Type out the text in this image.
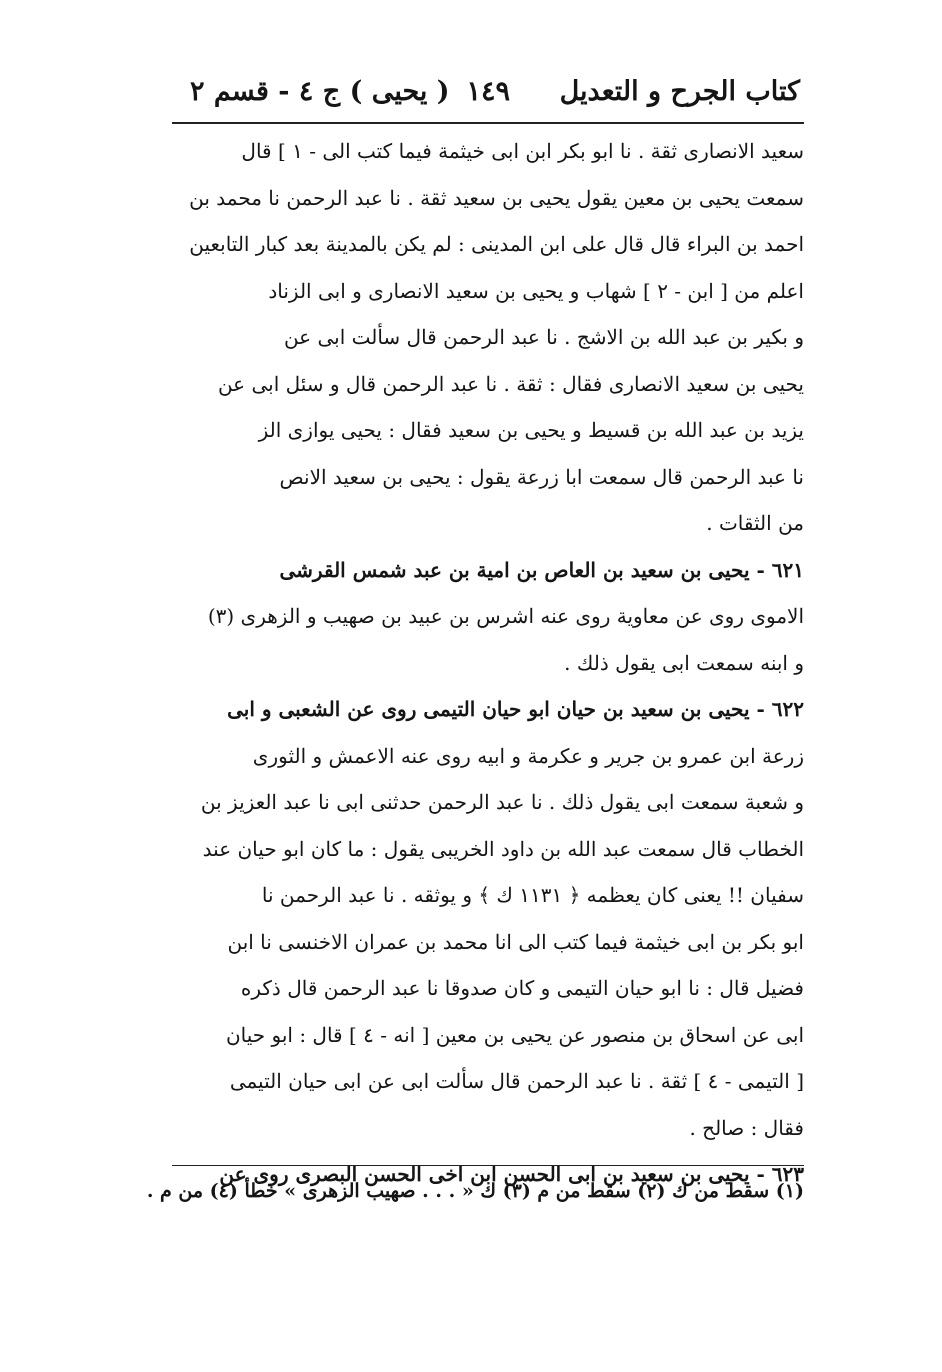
كتاب الجرح و التعديل
١٤٩
( يحيى ) ج ٤ - قسم ٢
سعيد الانصارى ثقة . نا ابو بكر ابن ابى خيثمة فيما كتب الى - ١ ] قال
سمعت يحيى بن معين يقول يحيى بن سعيد ثقة . نا عبد الرحمن نا محمد بن
احمد بن البراء قال قال على ابن المدينى : لم يكن بالمدينة بعد كبار التابعين
اعلم من [ ابن - ٢ ] شهاب و يحيى بن سعيد الانصارى و ابى الزناد
و بكير بن عبد الله بن الاشج . نا عبد الرحمن قال سألت ابى عن
يحيى بن سعيد الانصارى فقال : ثقة . نا عبد الرحمن قال و سئل ابى عن
يزيد بن عبد الله بن قسيط و يحيى بن سعيد فقال : يحيى يوازى الز
نا عبد الرحمن قال سمعت ابا زرعة يقول : يحيى بن سعيد الانص
من الثقات .
٦٢١ - يحيى بن سعيد بن العاص بن امية بن عبد شمس القرشى
الاموى روى عن معاوية روى عنه اشرس بن عبيد بن صهيب و الزهرى (٣)
و ابنه سمعت ابى يقول ذلك .
٦٢٢ - يحيى بن سعيد بن حيان ابو حيان التيمى روى عن الشعبى و ابى
زرعة ابن عمرو بن جرير و عكرمة و ابيه روى عنه الاعمش و الثورى
و شعبة سمعت ابى يقول ذلك . نا عبد الرحمن حدثنى ابى نا عبد العزيز بن
الخطاب قال سمعت عبد الله بن داود الخريبى يقول : ما كان ابو حيان عند
سفيان !! يعنى كان يعظمه ﴿ ١١٣١ ك ﴾ و يوثقه . نا عبد الرحمن نا
ابو بكر بن ابى خيثمة فيما كتب الى انا محمد بن عمران الاخنسى نا ابن
فضيل قال : نا ابو حيان التيمى و كان صدوقا نا عبد الرحمن قال ذكره
ابى عن اسحاق بن منصور عن يحيى بن معين [ انه - ٤ ] قال : ابو حيان
[ التيمى - ٤ ] ثقة . نا عبد الرحمن قال سألت ابى عن ابى حيان التيمى
فقال : صالح .
٦٢٣ - يحيى بن سعيد بن ابى الحسن ابن اخى الحسن البصرى روى عن
(١) سقط من ك (٢) سقط من م (٣) ك « . . . صهيب الزهرى » خطأ (٤) من م .
